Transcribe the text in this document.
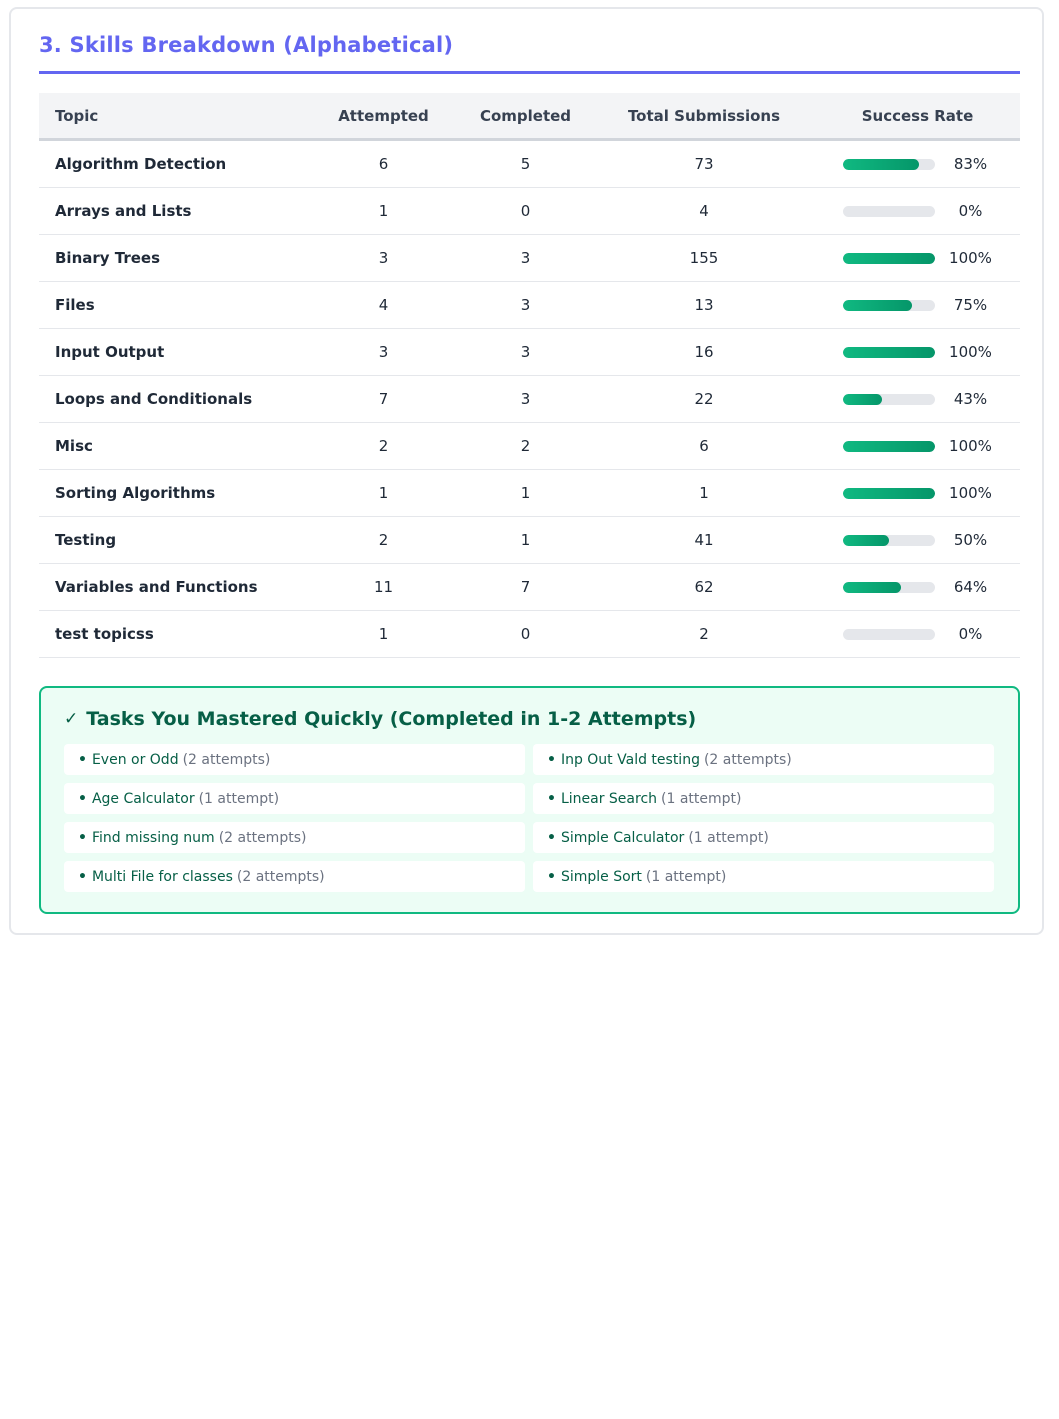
3. Skills Breakdown (Alphabetical)
Topic	Attempted	Completed	Total Submissions	Success Rate
Algorithm Detection	6	5	73	83%

Arrays and Lists	1	0	4	0%

Binary Trees	3	3	155	100%

Files	4	3	13	75%

Input Output	3	3	16	100%

Loops and Conditionals	7	3	22	43%

Misc	2	2	6	100%

Sorting Algorithms	1	1	1	100%

Testing	2	1	41	50%

Variables and Functions	11	7	62	64%

test topicss	1	0	2	0%
✓ Tasks You Mastered Quickly (Completed in 1-2 Attempts)
• Even or Odd (2 attempts)	• Inp Out Vald testing (2 attempts)
• Age Calculator (1 attempt)	• Linear Search (1 attempt)
• Find missing num (2 attempts)	• Simple Calculator (1 attempt)
• Multi File for classes (2 attempts)	• Simple Sort (1 attempt)
